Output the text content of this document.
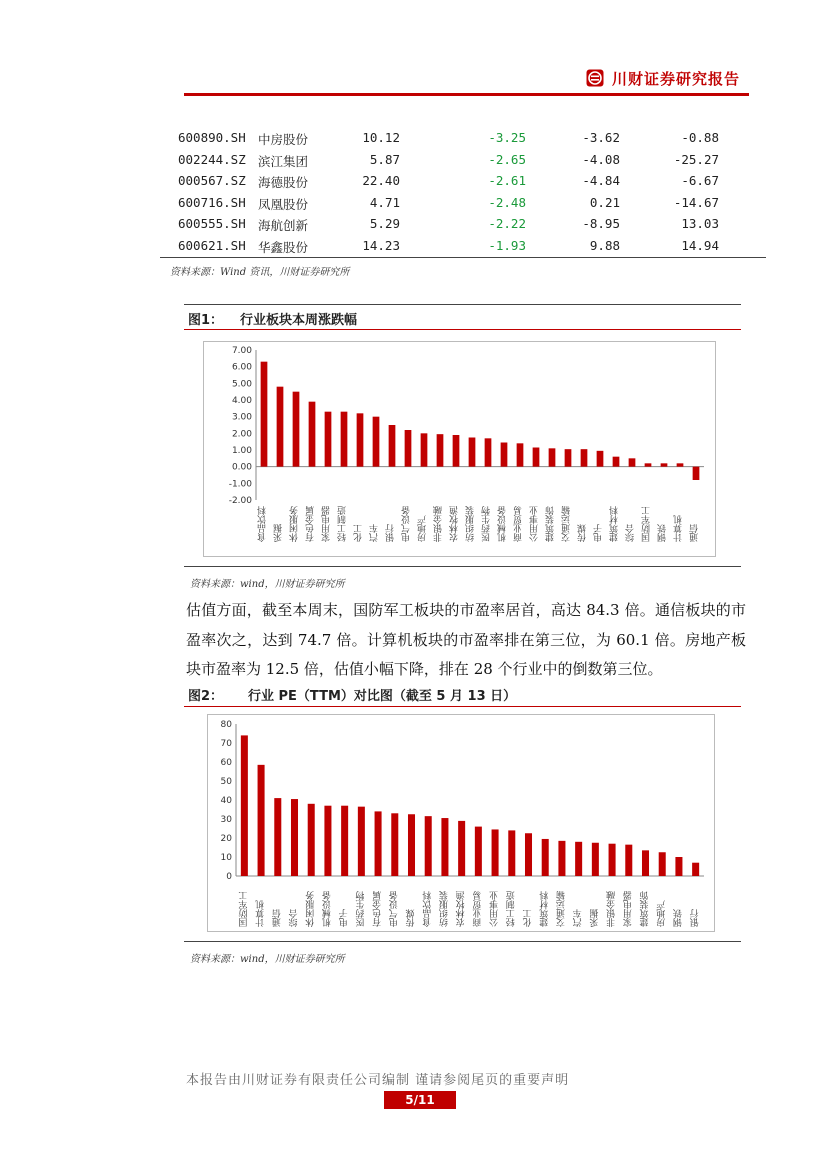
川财证券研究报告
600890.SH 中房股份	10.12	-3.25	-3.62	-0.88
002244.SZ 滨江集团	5.87	-2.65	-4.08	-25.27
000567.SZ 海德股份	22.40	-2.61	-4.84	-6.67
600716.SH 凤凰股份	4.71	-2.48	0.21	-14.67
600555.SH 海航创新	5.29	-2.22	-8.95	13.03
600621.SH 华鑫股份	14.23	-1.93	9.88	14.94
资料来源：Wind 资讯，川财证券研究所
图1： 行业板块本周涨跌幅
7.00
6.00
5.00
4.00
3.00
2.00
1.00
0.00
-1.00
-2.00
食品饮料 采掘 休闲服务 有色金属 家用电器 轻工制造 化工 汽车 银行 电气设备 房地产 非银金融 农林牧渔 纺织服装 医药生物 机械设备 商业贸易 公用事业 建筑装饰 交通运输 传媒 电子 建筑材料 综合 国防军工 钢铁 计算机 通信
资料来源：wind，川财证券研究所
估值方面，截至本周末，国防军工板块的市盈率居首，高达 84.3 倍。通信板块的市盈率次之，达到 74.7 倍。计算机板块的市盈率排在第三位，为 60.1 倍。房地产板块市盈率为 12.5 倍，估值小幅下降，排在 28 个行业中的倒数第三位。
图2： 行业 PE（TTM）对比图（截至 5 月 13 日）
80
70
60
50
40
30
20
10
0
国防军工 计算机 通信 综合 休闲服务 机械设备 电子 医药生物 有色金属 电气设备 传媒 食品饮料 纺织服装 农林牧渔 商业贸易 公用事业 轻工制造 化工 建筑材料 交通运输 汽车 采掘 非银金融 家用电器 建筑装饰 房地产 钢铁 银行
资料来源：wind，川财证券研究所
本报告由川财证券有限责任公司编制 谨请参阅尾页的重要声明
5/11
